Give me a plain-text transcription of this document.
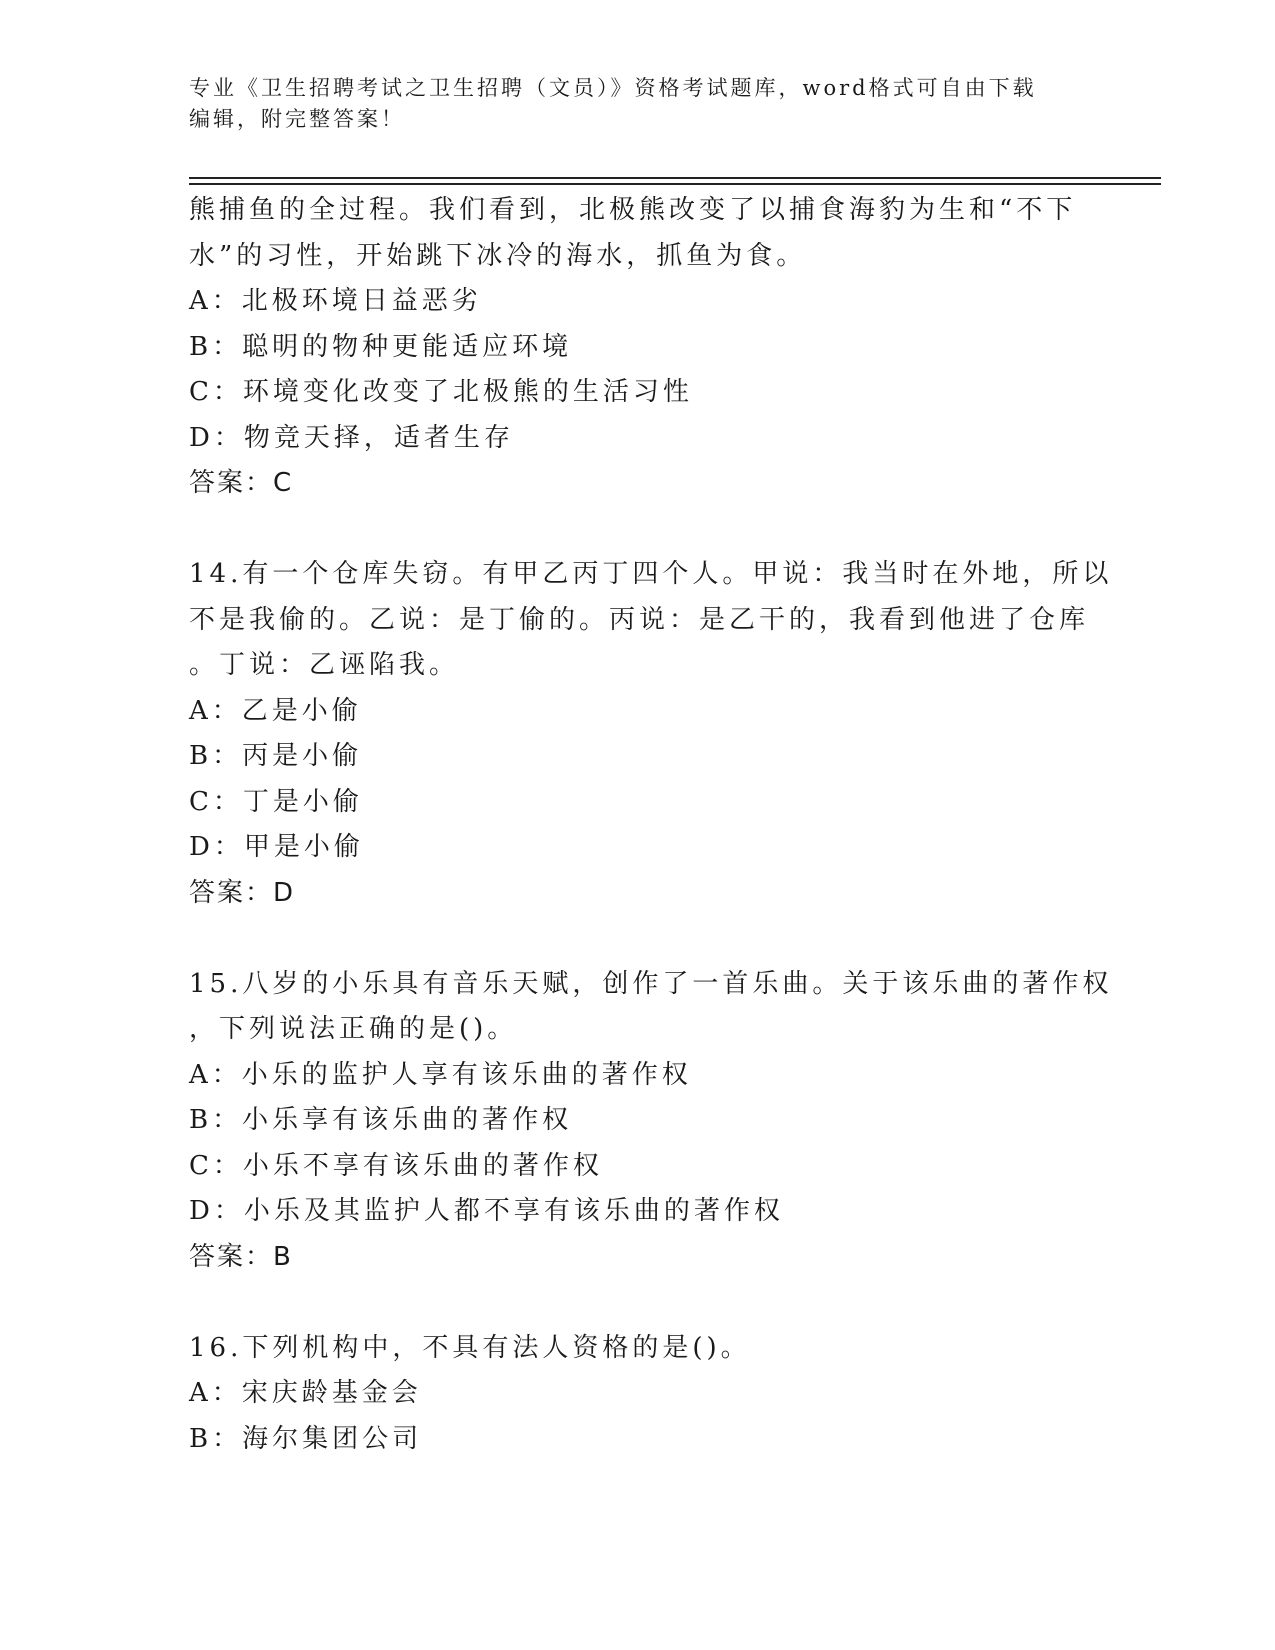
专业《卫生招聘考试之卫生招聘（文员）》资格考试题库，word格式可自由下载
编辑，附完整答案！
熊捕鱼的全过程。我们看到，北极熊改变了以捕食海豹为生和“不下
水”的习性，开始跳下冰冷的海水，抓鱼为食。
A：北极环境日益恶劣
B：聪明的物种更能适应环境
C：环境变化改变了北极熊的生活习性
D：物竞天择，适者生存
答案：C
14.有一个仓库失窃。有甲乙丙丁四个人。甲说：我当时在外地，所以
不是我偷的。乙说：是丁偷的。丙说：是乙干的，我看到他进了仓库
。丁说：乙诬陷我。
A：乙是小偷
B：丙是小偷
C：丁是小偷
D：甲是小偷
答案：D
15.八岁的小乐具有音乐天赋，创作了一首乐曲。关于该乐曲的著作权
，下列说法正确的是()。
A：小乐的监护人享有该乐曲的著作权
B：小乐享有该乐曲的著作权
C：小乐不享有该乐曲的著作权
D：小乐及其监护人都不享有该乐曲的著作权
答案：B
16.下列机构中，不具有法人资格的是()。
A：宋庆龄基金会
B：海尔集团公司
